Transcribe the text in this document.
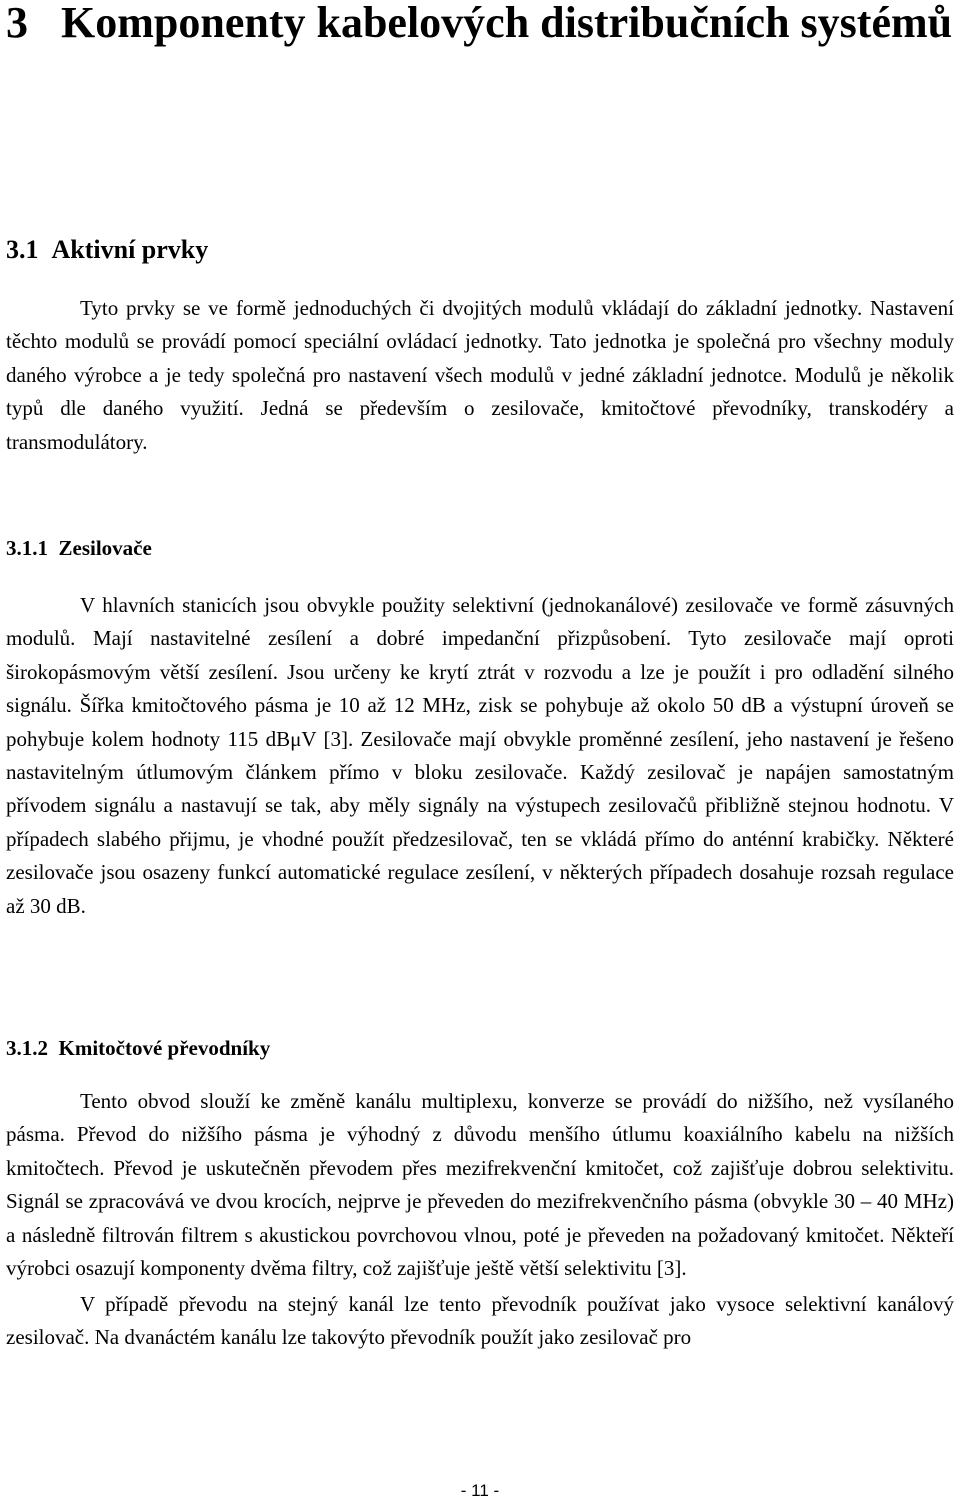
3 Komponenty kabelových distribučních systémů
3.1 Aktivní prvky

Tyto prvky se ve formě jednoduchých či dvojitých modulů vkládají do základní jednotky. Nastavení těchto modulů se provádí pomocí speciální ovládací jednotky. Tato jednotka je společná pro všechny moduly daného výrobce a je tedy společná pro nastavení všech modulů v jedné základní jednotce. Modulů je několik typů dle daného využití. Jedná se především o zesilovače, kmitočtové převodníky, transkodéry a transmodulátory.

3.1.1 Zesilovače

V hlavních stanicích jsou obvykle použity selektivní (jednokanálové) zesilovače ve formě zásuvných modulů. Mají nastavitelné zesílení a dobré impedanční přizpůsobení. Tyto zesilovače mají oproti širokopásmovým větší zesílení. Jsou určeny ke krytí ztrát v rozvodu a lze je použít i pro odladění silného signálu. Šířka kmitočtového pásma je 10 až 12 MHz, zisk se pohybuje až okolo 50 dB a výstupní úroveň se pohybuje kolem hodnoty 115 dBμV [3]. Zesilovače mají obvykle proměnné zesílení, jeho nastavení je řešeno nastavitelným útlumovým článkem přímo v bloku zesilovače. Každý zesilovač je napájen samostatným přívodem signálu a nastavují se tak, aby měly signály na výstupech zesilovačů přibližně stejnou hodnotu. V případech slabého přijmu, je vhodné použít předzesilovač, ten se vkládá přímo do anténní krabičky. Některé zesilovače jsou osazeny funkcí automatické regulace zesílení, v některých případech dosahuje rozsah regulace až 30 dB.

3.1.2 Kmitočtové převodníky

Tento obvod slouží ke změně kanálu multiplexu, konverze se provádí do nižšího, než vysílaného pásma. Převod do nižšího pásma je výhodný z důvodu menšího útlumu koaxiálního kabelu na nižších kmitočtech. Převod je uskutečněn převodem přes mezifrekvenční kmitočet, což zajišťuje dobrou selektivitu. Signál se zpracovává ve dvou krocích, nejprve je převeden do mezifrekvenčního pásma (obvykle 30 – 40 MHz) a následně filtrován filtrem s akustickou povrchovou vlnou, poté je převeden na požadovaný kmitočet. Někteří výrobci osazují komponenty dvěma filtry, což zajišťuje ještě větší selektivitu [3].

V případě převodu na stejný kanál lze tento převodník používat jako vysoce selektivní kanálový zesilovač. Na dvanáctém kanálu lze takovýto převodník použít jako zesilovač pro

- 11 -
